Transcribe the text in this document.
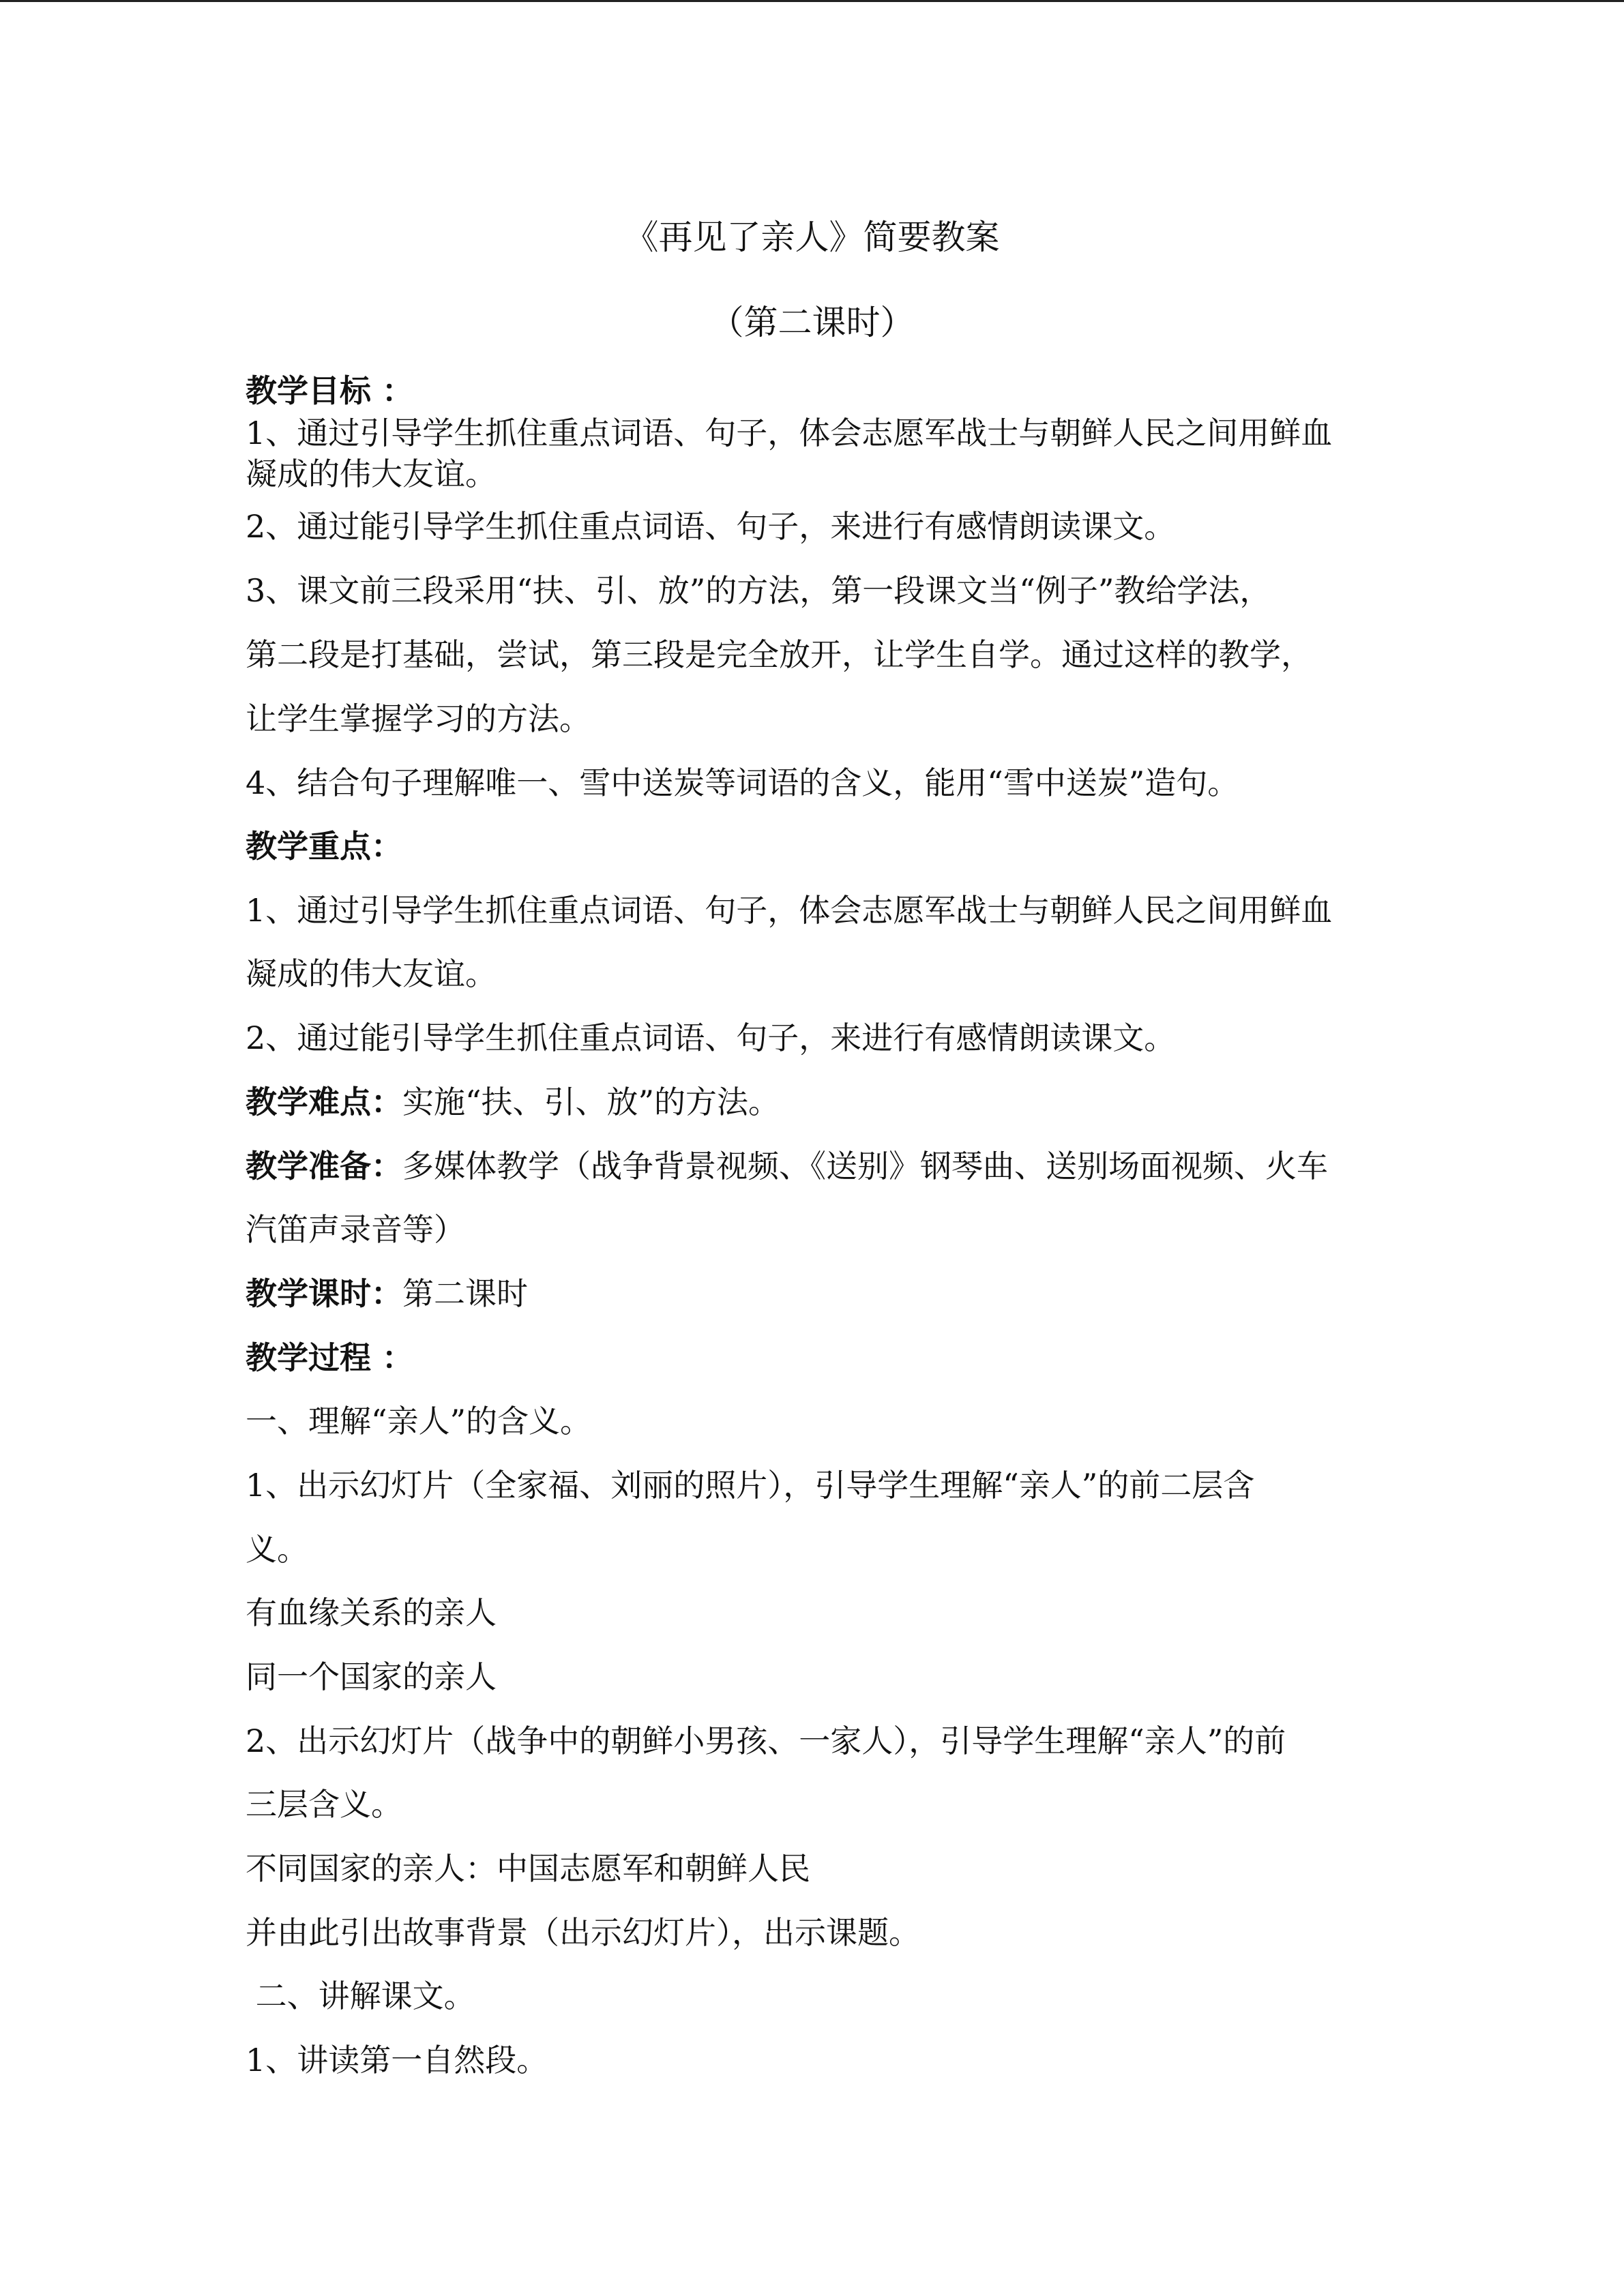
《再见了亲人》简要教案
（第二课时）
教学目标 ：
1、通过引导学生抓住重点词语、句子，体会志愿军战士与朝鲜人民之间用鲜血
凝成的伟大友谊。
2、通过能引导学生抓住重点词语、句子，来进行有感情朗读课文。
3、课文前三段采用“扶、引、放”的方法，第一段课文当“例子”教给学法，
第二段是打基础，尝试，第三段是完全放开，让学生自学。通过这样的教学，
让学生掌握学习的方法。
4、结合句子理解唯一、雪中送炭等词语的含义，能用“雪中送炭”造句。
教学重点：
1、通过引导学生抓住重点词语、句子，体会志愿军战士与朝鲜人民之间用鲜血
凝成的伟大友谊。
2、通过能引导学生抓住重点词语、句子，来进行有感情朗读课文。
教学难点：实施“扶、引、放”的方法。
教学准备：多媒体教学（战争背景视频、《送别》钢琴曲、送别场面视频、火车
汽笛声录音等）
教学课时：第二课时
教学过程 ：
一、理解“亲人”的含义。
1、出示幻灯片（全家福、刘丽的照片），引导学生理解“亲人”的前二层含
义。
有血缘关系的亲人
同一个国家的亲人
2、出示幻灯片（战争中的朝鲜小男孩、一家人），引导学生理解“亲人”的前
三层含义。
不同国家的亲人：中国志愿军和朝鲜人民
并由此引出故事背景（出示幻灯片），出示课题。
二、讲解课文。
1、讲读第一自然段。
